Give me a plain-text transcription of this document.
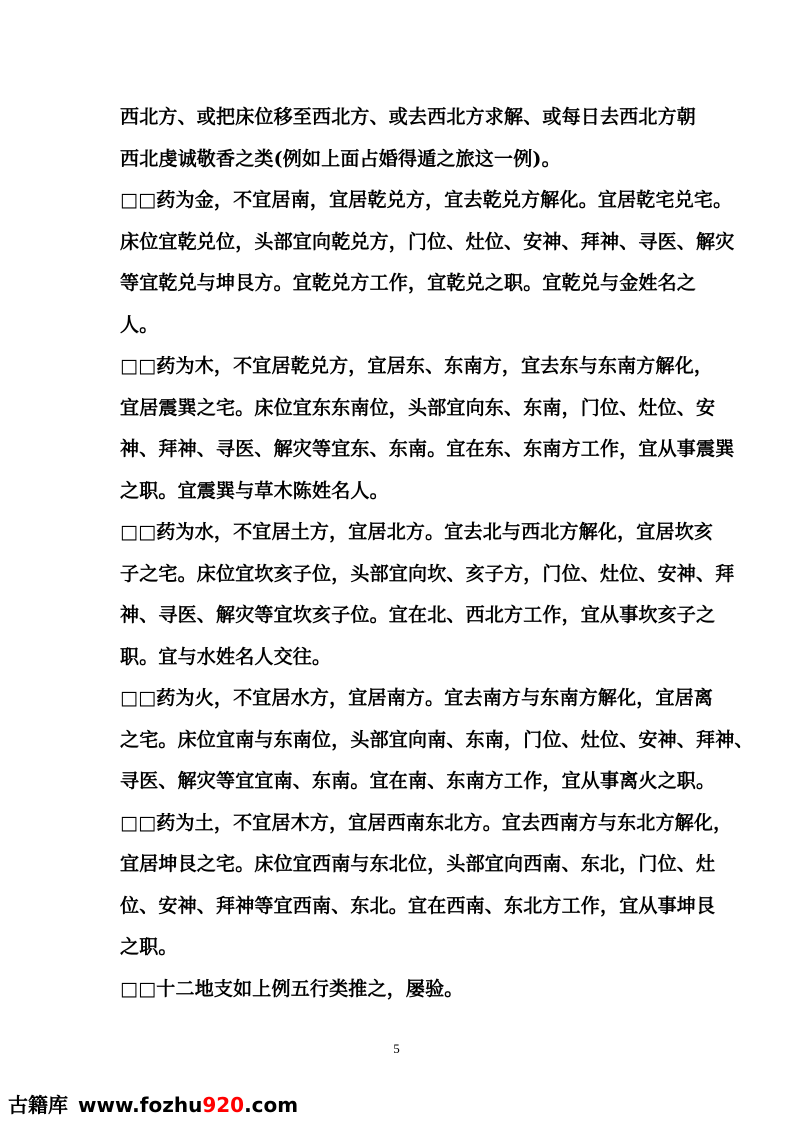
西北方、或把床位移至西北方、或去西北方求解、或每日去西北方朝
西北虔诚敬香之类(例如上面占婚得遁之旅这一例)。
□□药为金，不宜居南，宜居乾兑方，宜去乾兑方解化。宜居乾宅兑宅。
床位宜乾兑位，头部宜向乾兑方，门位、灶位、安神、拜神、寻医、解灾
等宜乾兑与坤艮方。宜乾兑方工作，宜乾兑之职。宜乾兑与金姓名之
人。
□□药为木，不宜居乾兑方，宜居东、东南方，宜去东与东南方解化，
宜居震巽之宅。床位宜东东南位，头部宜向东、东南，门位、灶位、安
神、拜神、寻医、解灾等宜东、东南。宜在东、东南方工作，宜从事震巽
之职。宜震巽与草木陈姓名人。
□□药为水，不宜居土方，宜居北方。宜去北与西北方解化，宜居坎亥
子之宅。床位宜坎亥子位，头部宜向坎、亥子方，门位、灶位、安神、拜
神、寻医、解灾等宜坎亥子位。宜在北、西北方工作，宜从事坎亥子之
职。宜与水姓名人交往。
□□药为火，不宜居水方，宜居南方。宜去南方与东南方解化，宜居离
之宅。床位宜南与东南位，头部宜向南、东南，门位、灶位、安神、拜神、
寻医、解灾等宜宜南、东南。宜在南、东南方工作，宜从事离火之职。
□□药为土，不宜居木方，宜居西南东北方。宜去西南方与东北方解化，
宜居坤艮之宅。床位宜西南与东北位，头部宜向西南、东北，门位、灶
位、安神、拜神等宜西南、东北。宜在西南、东北方工作，宜从事坤艮
之职。
□□十二地支如上例五行类推之，屡验。
5
古籍库 www.fozhu920.com
